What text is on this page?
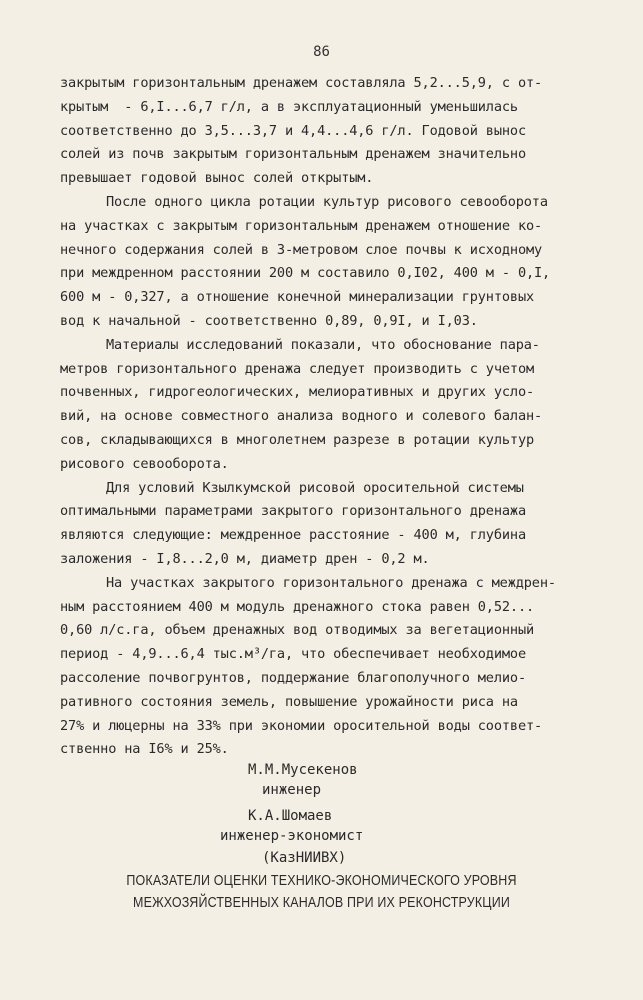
86
закрытым горизонтальным дренажем составляла 5,2...5,9, с от-
крытым  - 6,I...6,7 г/л, а в эксплуатационный уменьшилась
соответственно до 3,5...3,7 и 4,4...4,6 г/л. Годовой вынос
солей из почв закрытым горизонтальным дренажем значительно
превышает годовой вынос солей открытым.
После одного цикла ротации культур рисового севооборота
на участках с закрытым горизонтальным дренажем отношение ко-
нечного содержания солей в 3-метровом слое почвы к исходному
при междренном расстоянии 200 м составило 0,I02, 400 м - 0,I,
600 м - 0,327, а отношение конечной минерализации грунтовых
вод к начальной - соответственно 0,89, 0,9I, и I,03.
Материалы исследований показали, что обоснование пара-
метров горизонтального дренажа следует производить с учетом
почвенных, гидрогеологических, мелиоративных и других усло-
вий, на основе совместного анализа водного и солевого балан-
сов, складывающихся в многолетнем разрезе в ротации культур
рисового севооборота.
Для условий Кзылкумской рисовой оросительной системы
оптимальными параметрами закрытого горизонтального дренажа
являются следующие: междренное расстояние - 400 м, глубина
заложения - I,8...2,0 м, диаметр дрен - 0,2 м.
На участках закрытого горизонтального дренажа с междрен-
ным расстоянием 400 м модуль дренажного стока равен 0,52...
0,60 л/с.га, объем дренажных вод отводимых за вегетационный
период - 4,9...6,4 тыс.м³/га, что обеспечивает необходимое
рассоление почвогрунтов, поддержание благополучного мелио-
ративного состояния земель, повышение урожайности риса на
27% и люцерны на 33% при экономии оросительной воды соответ-
ственно на I6% и 25%.
М.М.Мусекенов
инженер
К.А.Шомаев
инженер-экономист
(КазНИИВХ)
ПОКАЗАТЕЛИ ОЦЕНКИ ТЕХНИКО-ЭКОНОМИЧЕСКОГО УРОВНЯ
МЕЖХОЗЯЙСТВЕННЫХ КАНАЛОВ ПРИ ИХ РЕКОНСТРУКЦИИ
